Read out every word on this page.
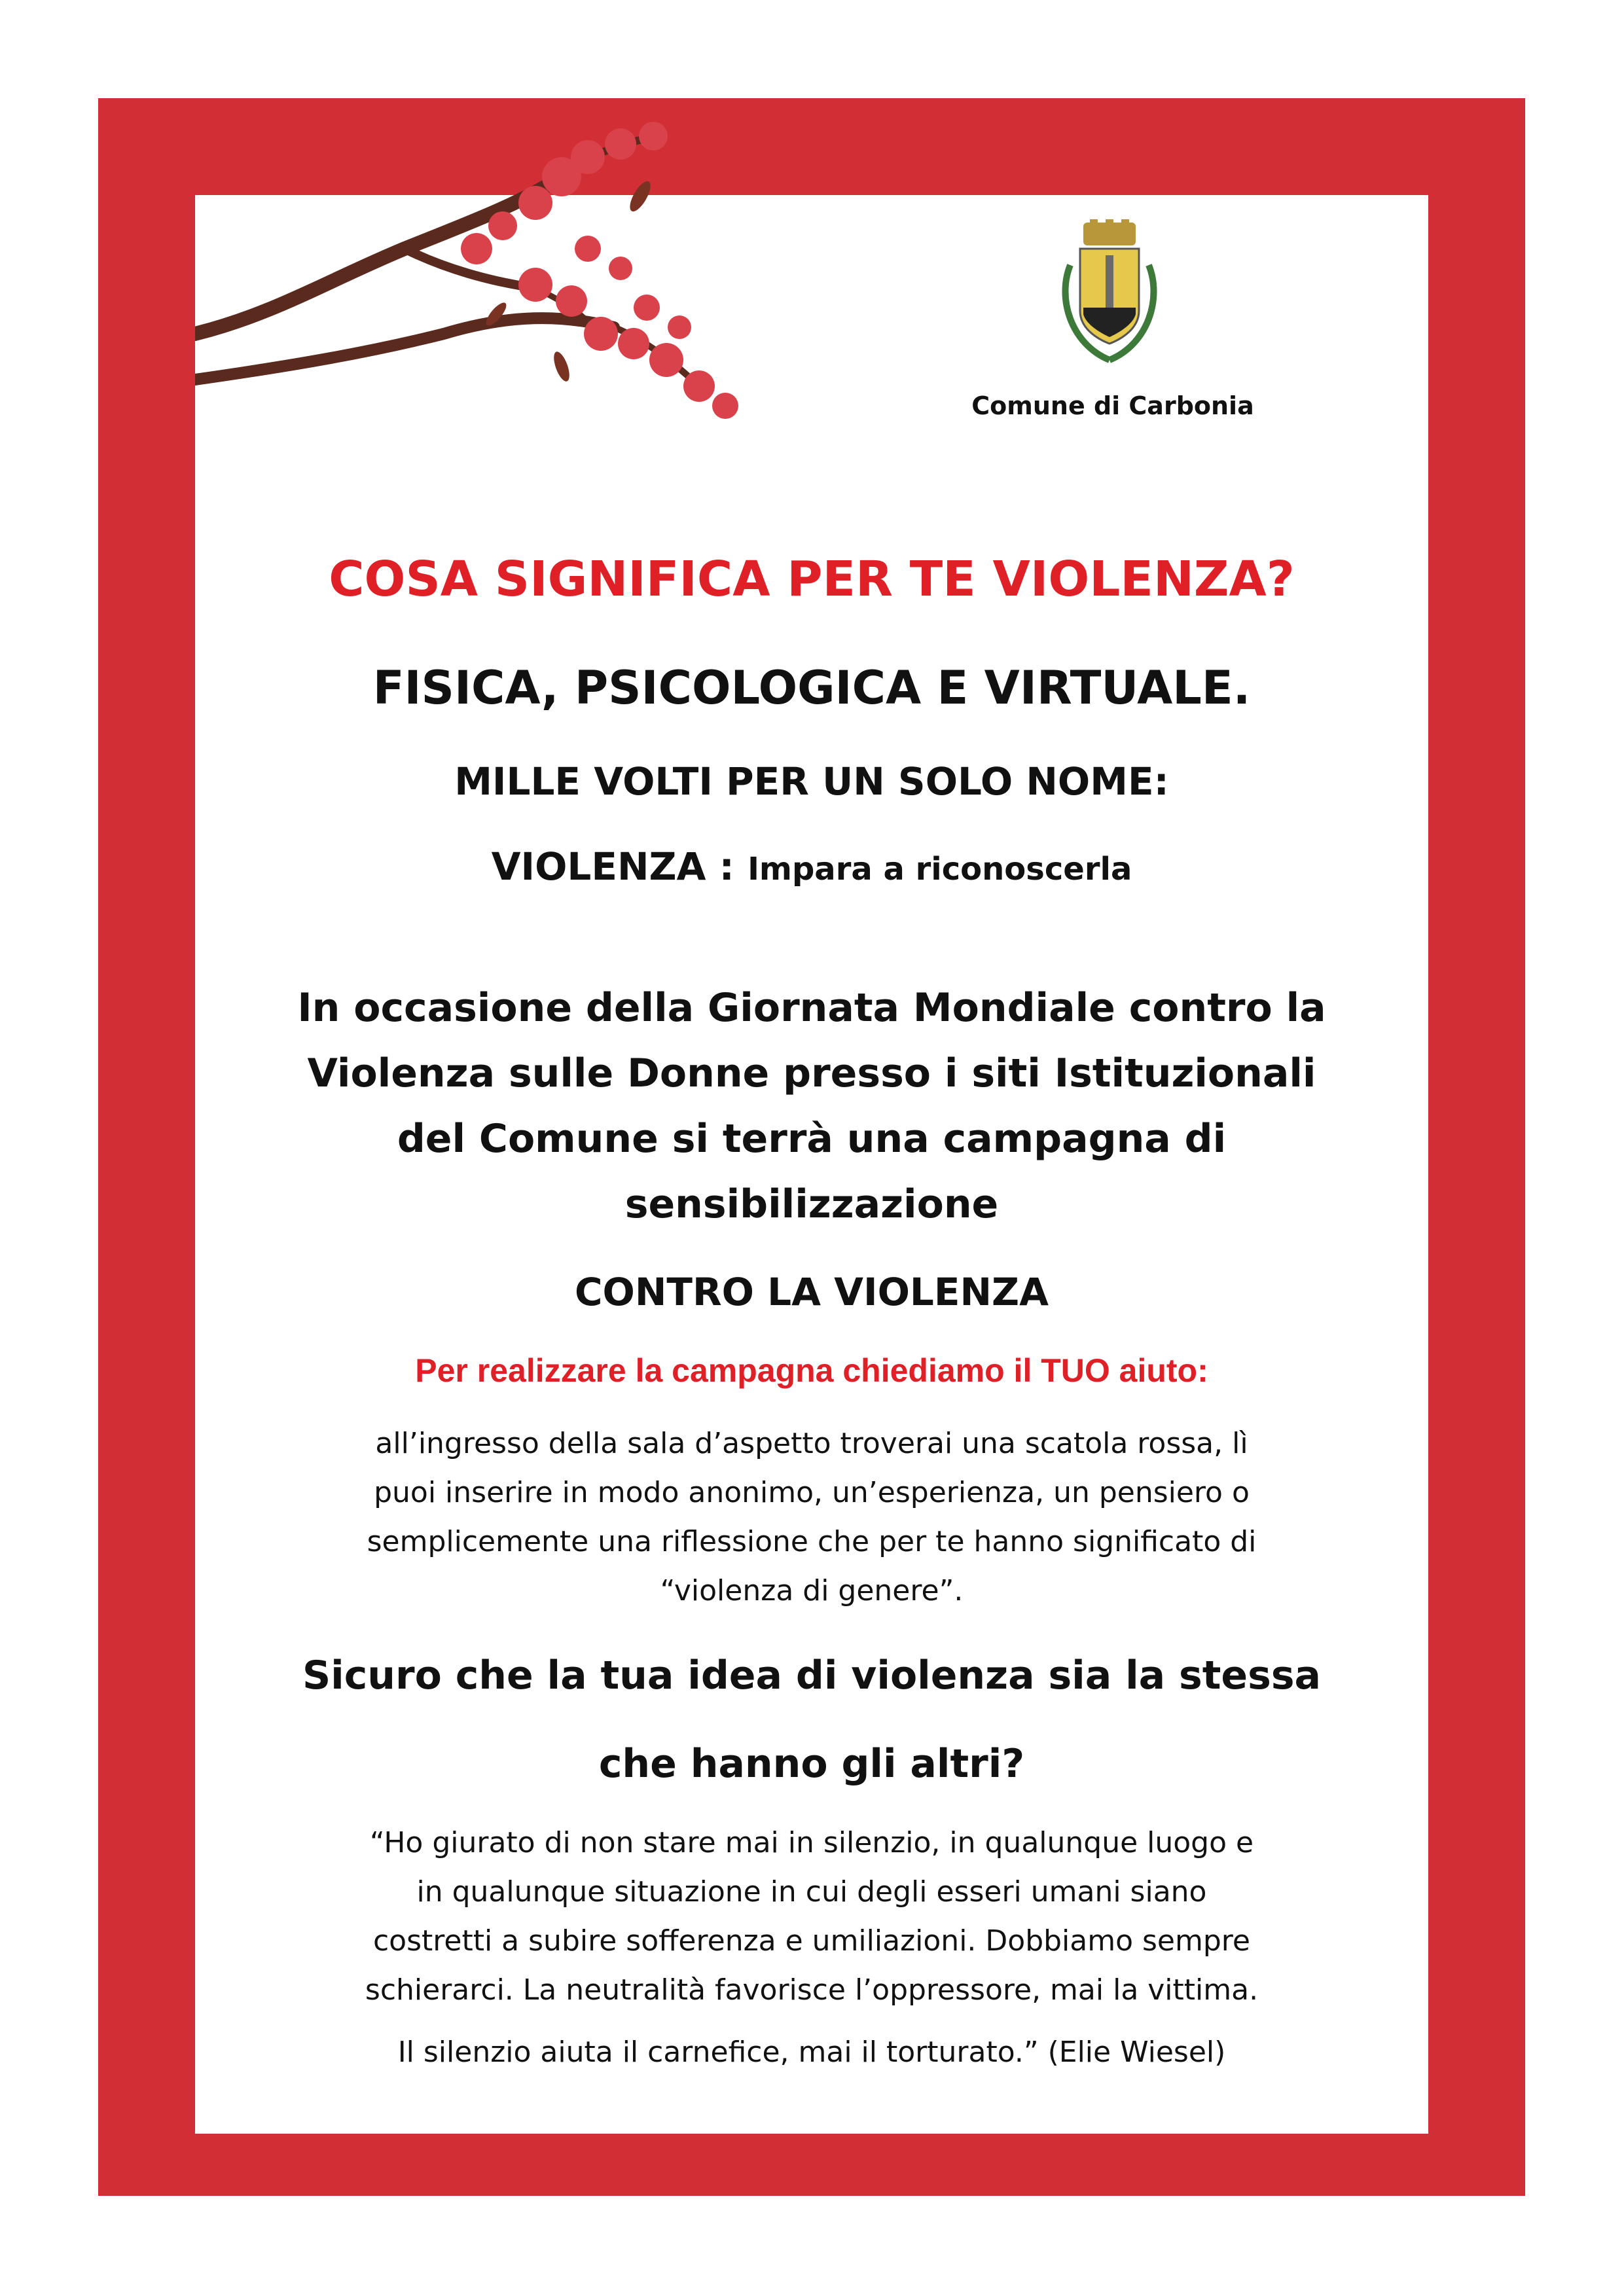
Comune di Carbonia
COSA SIGNIFICA PER TE VIOLENZA?
FISICA, PSICOLOGICA E VIRTUALE.
MILLE VOLTI PER UN SOLO NOME:
VIOLENZA : Impara a riconoscerla
In occasione della Giornata Mondiale contro la
Violenza sulle Donne presso i siti Istituzionali
del Comune si terrà una campagna di
sensibilizzazione
CONTRO LA VIOLENZA
Per realizzare la campagna chiediamo il TUO aiuto:
all’ingresso della sala d’aspetto troverai una scatola rossa, lì
puoi inserire in modo anonimo, un’esperienza, un pensiero o
semplicemente una riflessione che per te hanno significato di
“violenza di genere”.
Sicuro che la tua idea di violenza sia la stessa
che hanno gli altri?
“Ho giurato di non stare mai in silenzio, in qualunque luogo e
in qualunque situazione in cui degli esseri umani siano
costretti a subire sofferenza e umiliazioni. Dobbiamo sempre
schierarci. La neutralità favorisce l’oppressore, mai la vittima.
Il silenzio aiuta il carnefice, mai il torturato.” (Elie Wiesel)
